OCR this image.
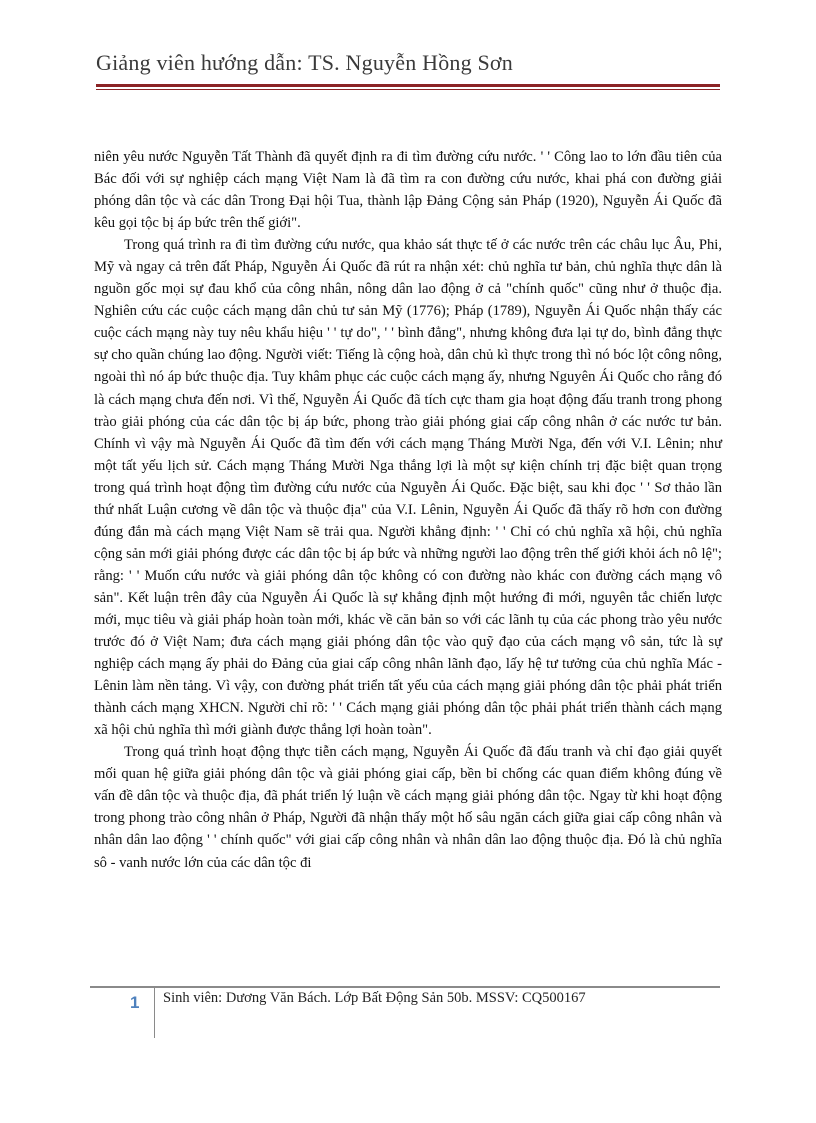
Giảng viên hướng dẫn: TS. Nguyễn Hồng Sơn

niên yêu nước Nguyễn Tất Thành đã quyết định ra đi tìm đường cứu nước. ' ' Công lao to lớn đầu tiên của Bác đối với sự nghiệp cách mạng Việt Nam là đã tìm ra con đường cứu nước, khai phá con đường giải phóng dân tộc và các dân Trong Đại hội Tua, thành lập Đảng Cộng sản Pháp (1920), Nguyễn Ái Quốc đã kêu gọi tộc bị áp bức trên thế giới".

Trong quá trình ra đi tìm đường cứu nước, qua khảo sát thực tế ở các nước trên các châu lục Âu, Phi, Mỹ và ngay cả trên đất Pháp, Nguyễn Ái Quốc đã rút ra nhận xét: chủ nghĩa tư bản, chủ nghĩa thực dân là nguồn gốc mọi sự đau khổ của công nhân, nông dân lao động ở cả "chính quốc" cũng như ở thuộc địa. Nghiên cứu các cuộc cách mạng dân chủ tư sản Mỹ (1776); Pháp (1789), Nguyễn Ái Quốc nhận thấy các cuộc cách mạng này tuy nêu khẩu hiệu ' ' tự do", ' ' bình đẳng", nhưng không đưa lại tự do, bình đẳng thực sự cho quần chúng lao động. Người viết: Tiếng là cộng hoà, dân chủ kì thực trong thì nó bóc lột công nông, ngoài thì nó áp bức thuộc địa. Tuy khâm phục các cuộc cách mạng ấy, nhưng Nguyên Ái Quốc cho rằng đó là cách mạng chưa đến nơi. Vì thế, Nguyễn Ái Quốc đã tích cực tham gia hoạt động đấu tranh trong phong trào giải phóng của các dân tộc bị áp bức, phong trào giải phóng giai cấp công nhân ở các nước tư bản. Chính vì vậy mà Nguyễn Ái Quốc đã tìm đến với cách mạng Tháng Mười Nga, đến với V.I. Lênin; như một tất yếu lịch sử. Cách mạng Tháng Mười Nga thắng lợi là một sự kiện chính trị đặc biệt quan trọng trong quá trình hoạt động tìm đường cứu nước của Nguyễn Ái Quốc. Đặc biệt, sau khi đọc ' ' Sơ thảo lần thứ nhất Luận cương về dân tộc và thuộc địa" của V.I. Lênin, Nguyễn Ái Quốc đã thấy rõ hơn con đường đúng đắn mà cách mạng Việt Nam sẽ trải qua. Người khẳng định: ' ' Chỉ có chủ nghĩa xã hội, chủ nghĩa cộng sản mới giải phóng được các dân tộc bị áp bức và những người lao động trên thế giới khỏi ách nô lệ"; rằng: ' ' Muốn cứu nước và giải phóng dân tộc không có con đường nào khác con đường cách mạng vô sản". Kết luận trên đây của Nguyễn Ái Quốc là sự khẳng định một hướng đi mới, nguyên tắc chiến lược mới, mục tiêu và giải pháp hoàn toàn mới, khác về căn bản so với các lãnh tụ của các phong trào yêu nước trước đó ở Việt Nam; đưa cách mạng giải phóng dân tộc vào quỹ đạo của cách mạng vô sản, tức là sự nghiệp cách mạng ấy phải do Đảng của giai cấp công nhân lãnh đạo, lấy hệ tư tưởng của chủ nghĩa Mác - Lênin làm nền tảng. Vì vậy, con đường phát triển tất yếu của cách mạng giải phóng dân tộc phải phát triển thành cách mạng XHCN. Người chỉ rõ: ' ' Cách mạng giải phóng dân tộc phải phát triển thành cách mạng xã hội chủ nghĩa thì mới giành được thắng lợi hoàn toàn".

Trong quá trình hoạt động thực tiễn cách mạng, Nguyễn Ái Quốc đã đấu tranh và chỉ đạo giải quyết mối quan hệ giữa giải phóng dân tộc và giải phóng giai cấp, bền bỉ chống các quan điểm không đúng về vấn đề dân tộc và thuộc địa, đã phát triển lý luận về cách mạng giải phóng dân tộc. Ngay từ khi hoạt động trong phong trào công nhân ở Pháp, Người đã nhận thấy một hố sâu ngăn cách giữa giai cấp công nhân và nhân dân lao động ' ' chính quốc" với giai cấp công nhân và nhân dân lao động thuộc địa. Đó là chủ nghĩa sô - vanh nước lớn của các dân tộc đi

1 Sinh viên: Dương Văn Bách. Lớp Bất Động Sản 50b. MSSV: CQ500167
